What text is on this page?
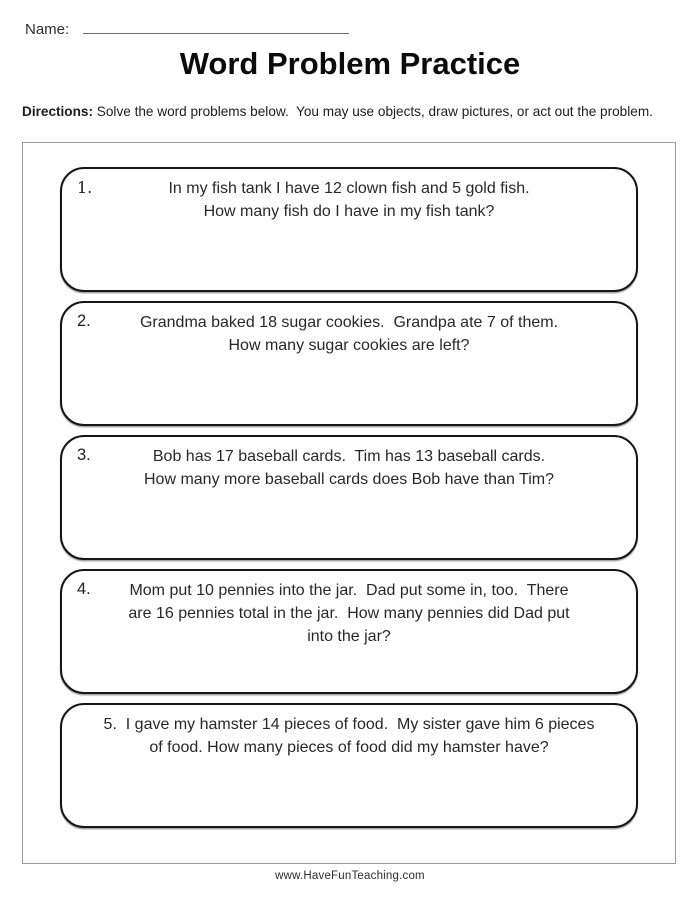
Name:
Word Problem Practice
Directions: Solve the word problems below.  You may use objects, draw pictures, or act out the problem.
1.	In my fish tank I have 12 clown fish and 5 gold fish.
How many fish do I have in my fish tank?
2.	Grandma baked 18 sugar cookies.  Grandpa ate 7 of them.
How many sugar cookies are left?
3.	Bob has 17 baseball cards.  Tim has 13 baseball cards.
How many more baseball cards does Bob have than Tim?
4.	Mom put 10 pennies into the jar.  Dad put some in, too.  There
are 16 pennies total in the jar.  How many pennies did Dad put
into the jar?
5.  I gave my hamster 14 pieces of food.  My sister gave him 6 pieces
of food. How many pieces of food did my hamster have?
www.HaveFunTeaching.com
